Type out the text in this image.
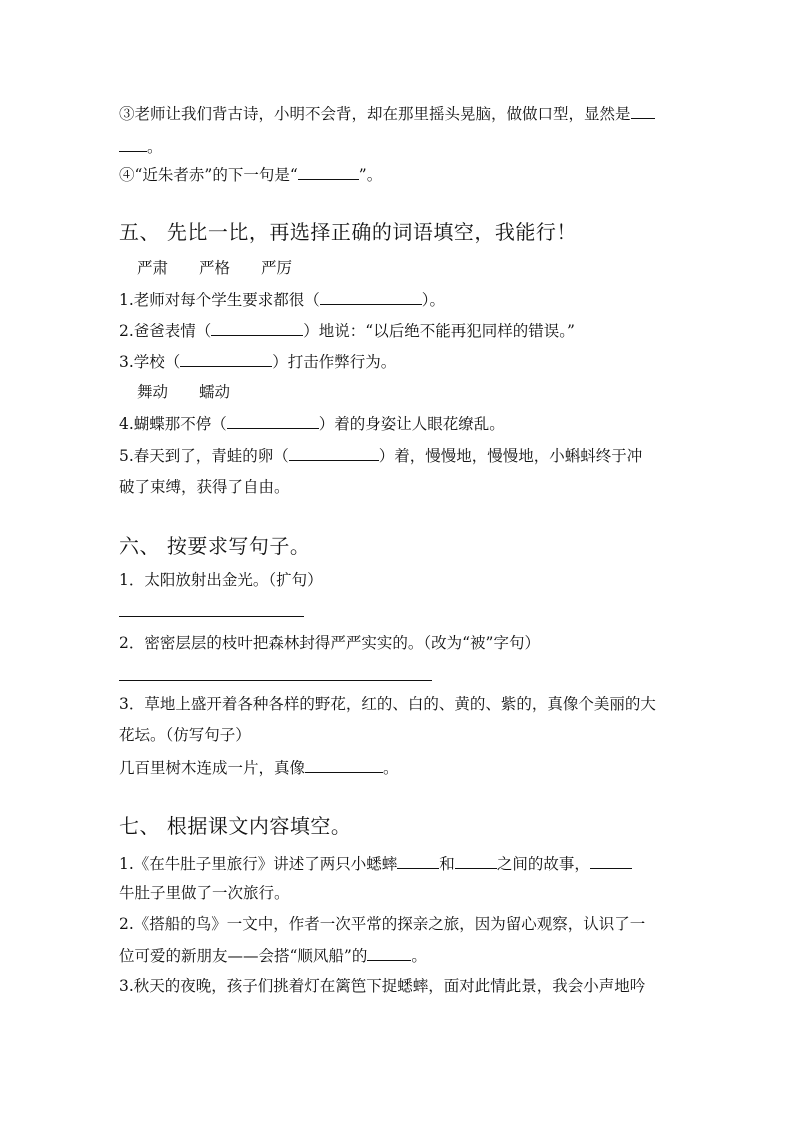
③老师让我们背古诗，小明不会背，却在那里摇头晃脑，做做口型，显然是

。

④“近朱者赤”的下一句是“	”。

五、 先比一比，再选择正确的词语填空，我能行！

严肃　　严格　　严厉

1.老师对每个学生要求都很（	）。

2.爸爸表情（	）地说：“以后绝不能再犯同样的错误。”

3.学校（	）打击作弊行为。

舞动　　蠕动

4.蝴蝶那不停（	）着的身姿让人眼花缭乱。

5.春天到了，青蛙的卵（	）着，慢慢地，慢慢地，小蝌蚪终于冲

破了束缚，获得了自由。

六、 按要求写句子。

1．太阳放射出金光。（扩句）

2．密密层层的枝叶把森林封得严严实实的。（改为“被”字句）

3．草地上盛开着各种各样的野花，红的、白的、黄的、紫的，真像个美丽的大

花坛。（仿写句子）

几百里树木连成一片，真像	。

七、 根据课文内容填空。

1.《在牛肚子里旅行》讲述了两只小蟋蟀	和	之间的故事，

牛肚子里做了一次旅行。

2.《搭船的鸟》一文中，作者一次平常的探亲之旅，因为留心观察，认识了一

位可爱的新朋友——会搭“顺风船”的	。

3.秋天的夜晚，孩子们挑着灯在篱笆下捉蟋蟀，面对此情此景，我会小声地吟
